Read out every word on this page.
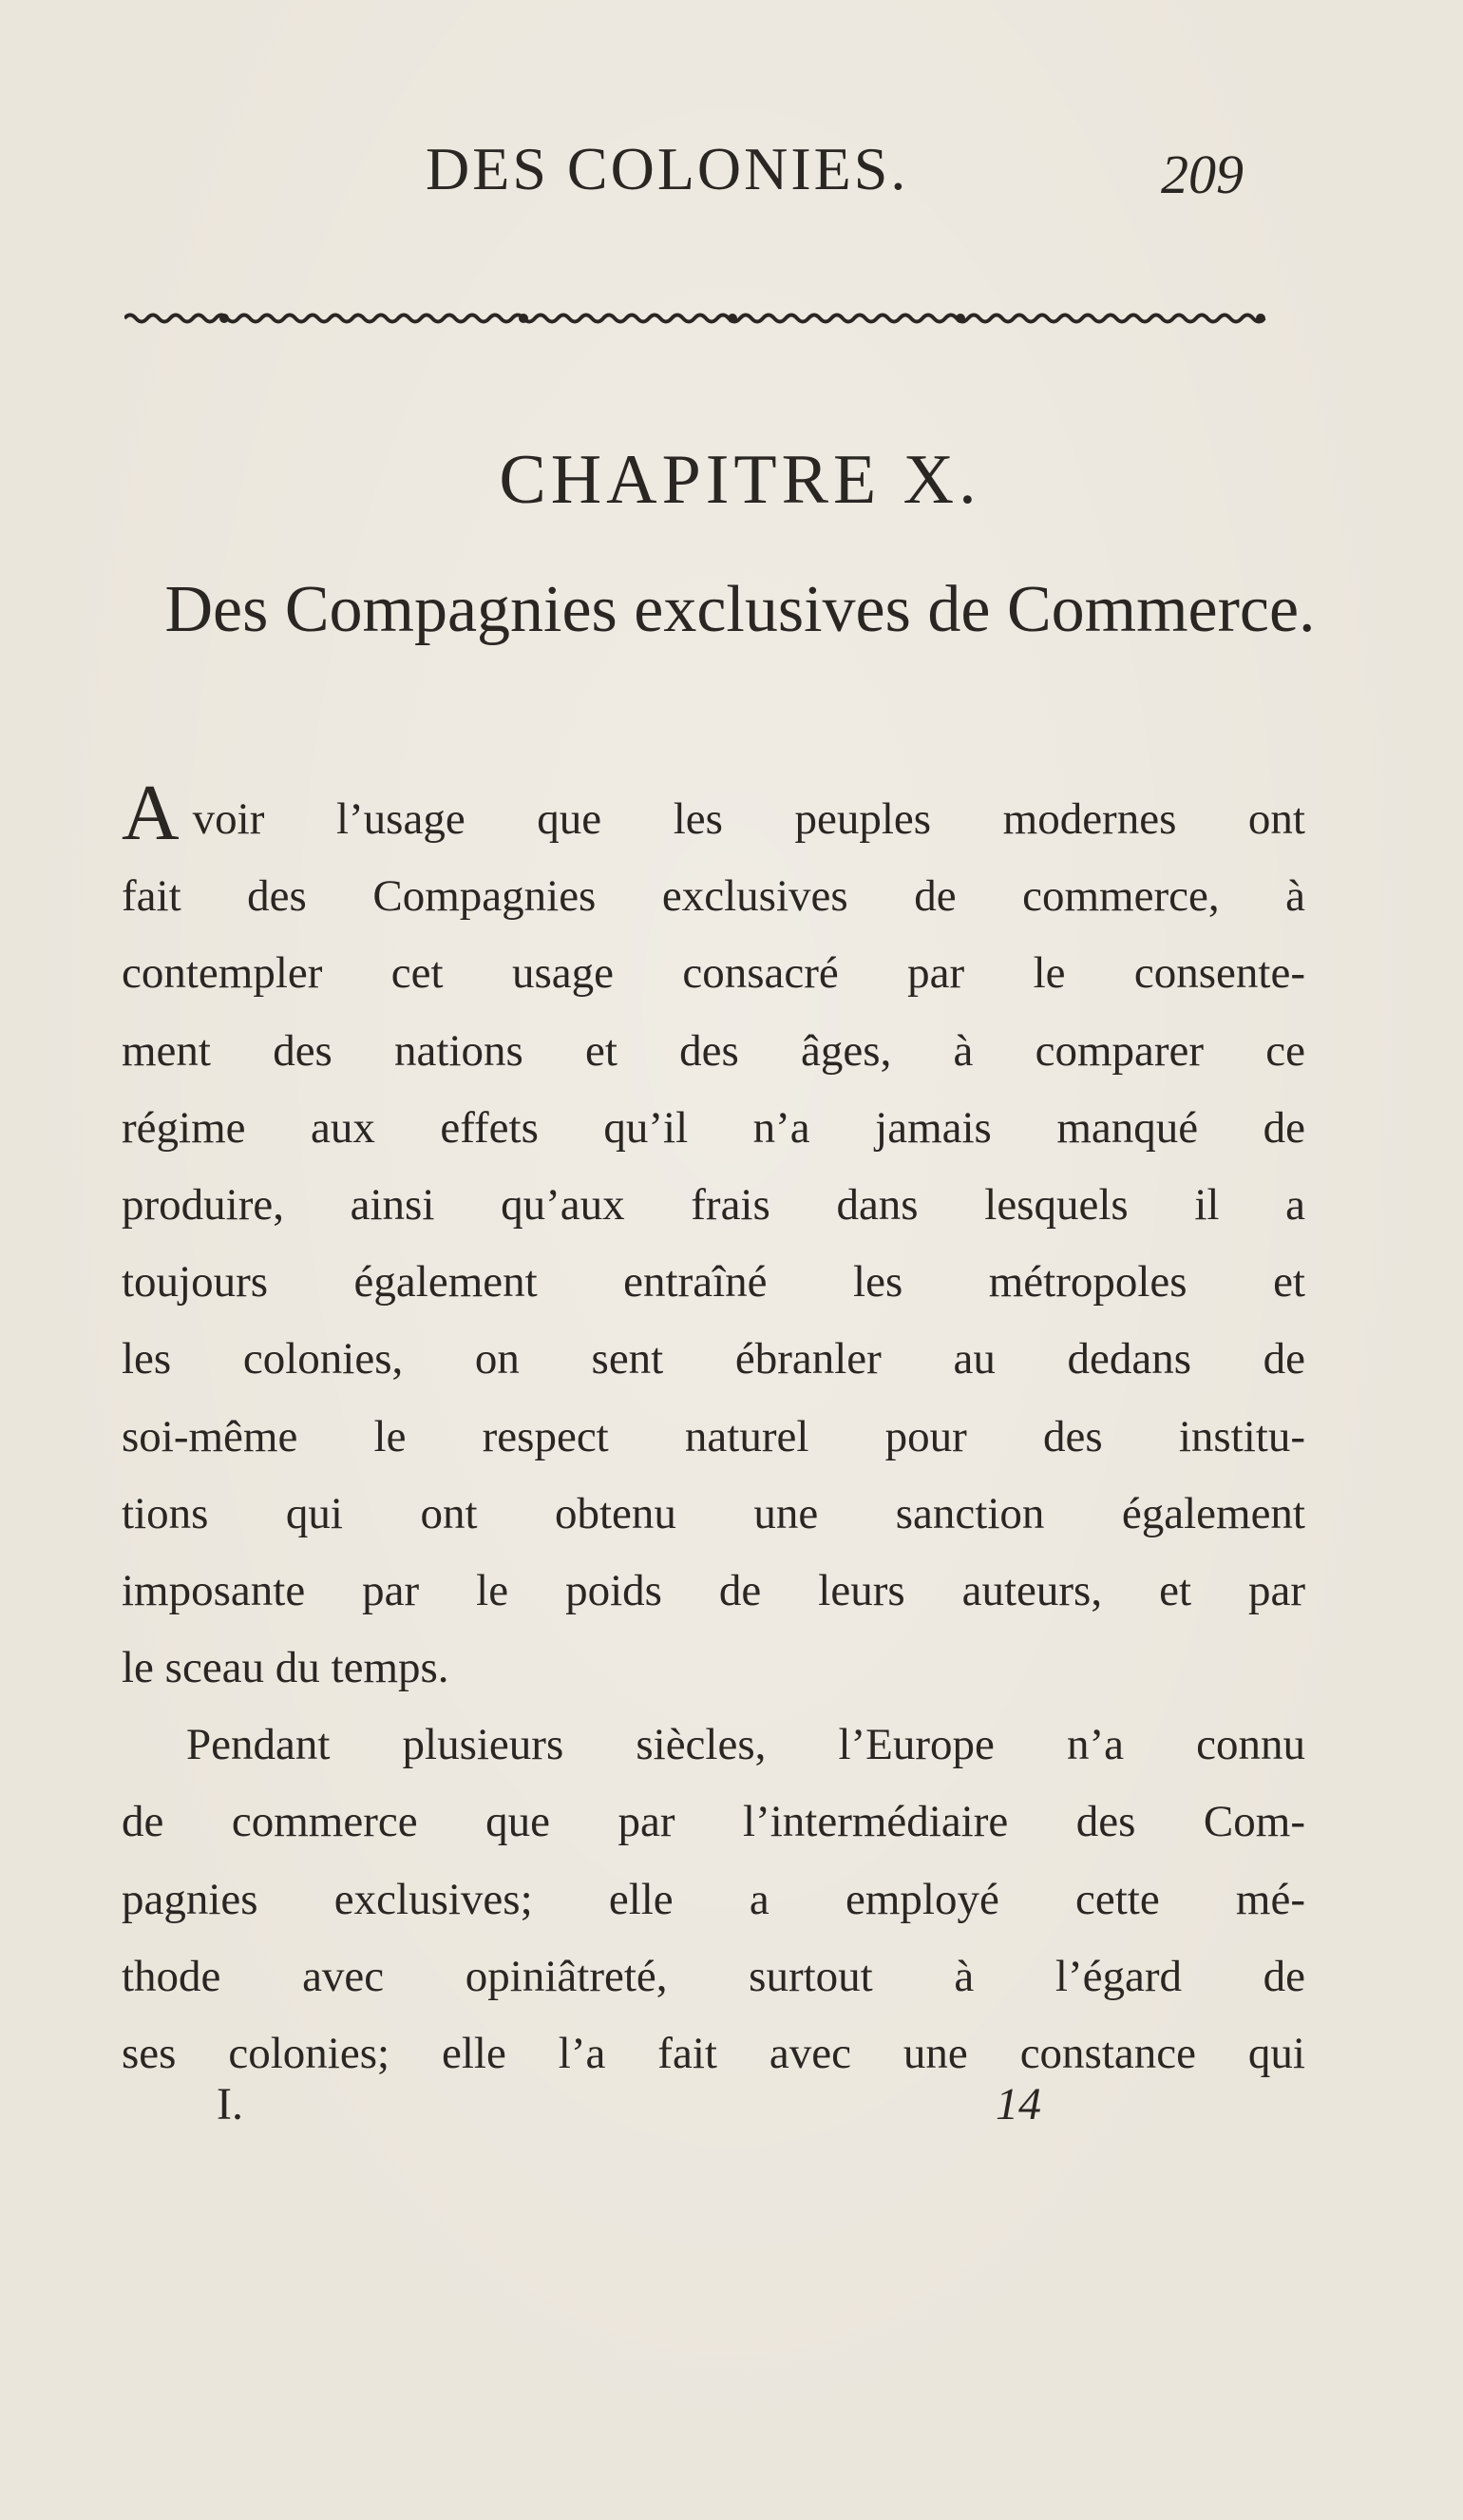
DES COLONIES.	209
CHAPITRE X.
Des Compagnies exclusives de Commerce.
Avoir l’usage que les peuples modernes ont
fait des Compagnies exclusives de commerce, à
contempler cet usage consacré par le consente-
ment des nations et des âges, à comparer ce
régime aux effets qu’il n’a jamais manqué de
produire, ainsi qu’aux frais dans lesquels il a
toujours également entraîné les métropoles et
les colonies, on sent ébranler au dedans de
soi-même le respect naturel pour des institu-
tions qui ont obtenu une sanction également
imposante par le poids de leurs auteurs, et par
le sceau du temps.
Pendant plusieurs siècles, l’Europe n’a connu
de commerce que par l’intermédiaire des Com-
pagnies exclusives; elle a employé cette mé-
thode avec opiniâtreté, surtout à l’égard de
ses colonies; elle l’a fait avec une constance qui
I.	14
